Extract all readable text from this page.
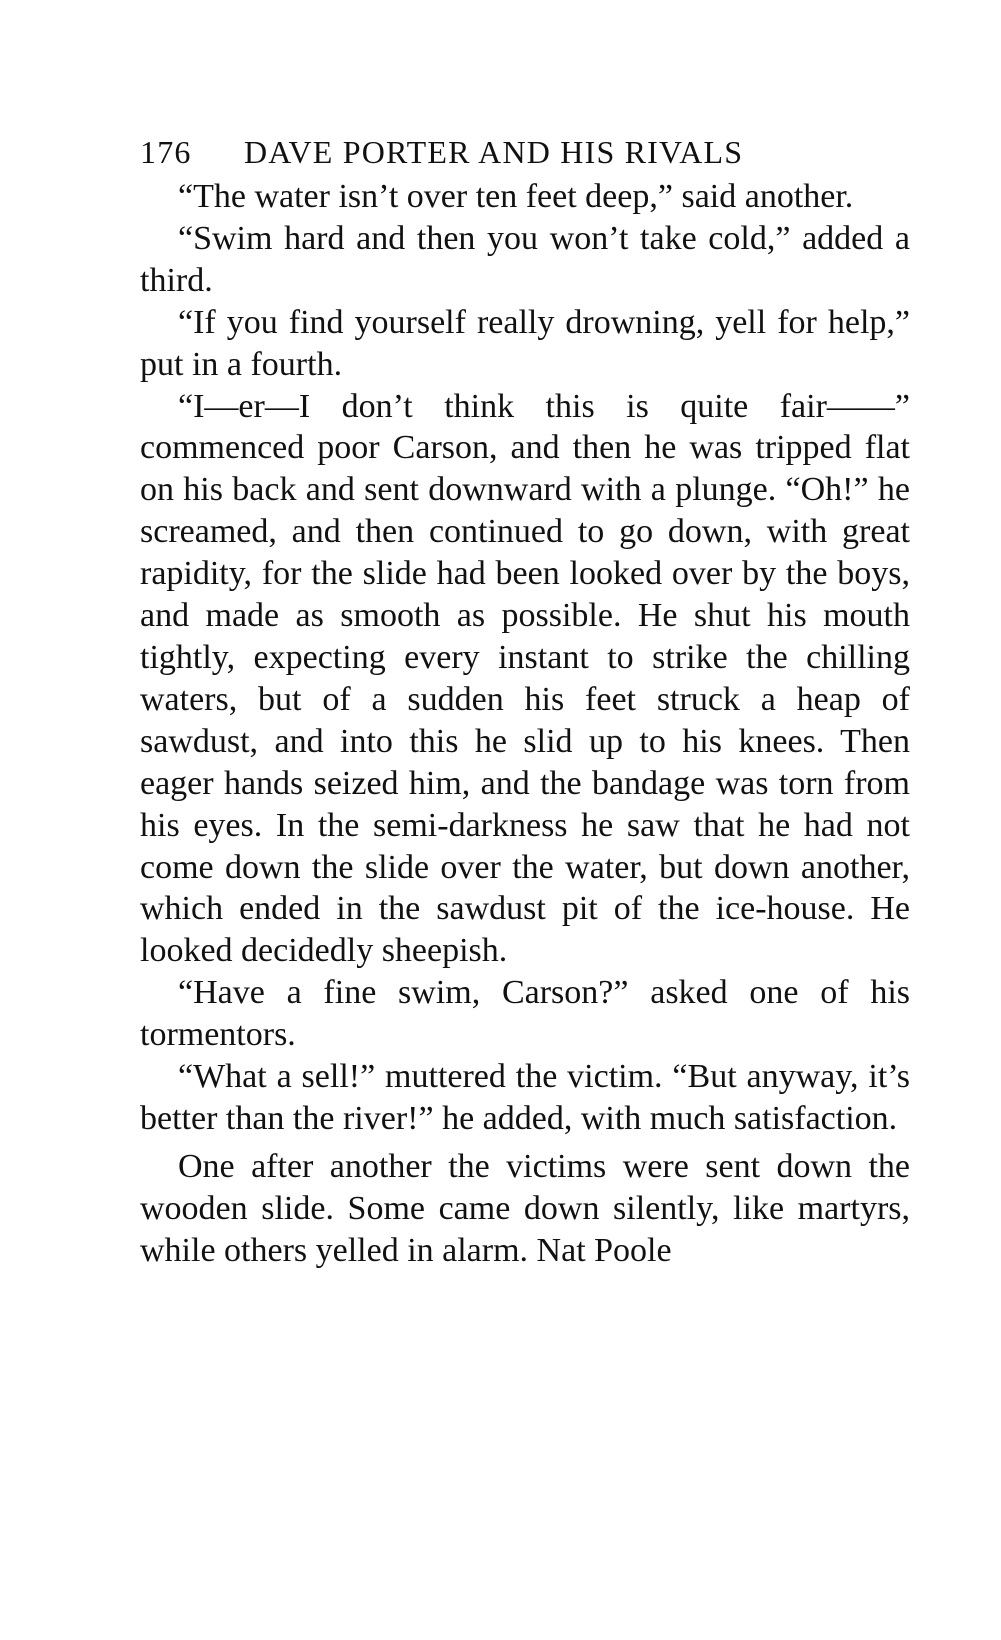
176 DAVE PORTER AND HIS RIVALS

“The water isn’t over ten feet deep,” said another.

“Swim hard and then you won’t take cold,” added a third.

“If you find yourself really drowning, yell for help,” put in a fourth.

“I—er—I don’t think this is quite fair——” commenced poor Carson, and then he was tripped flat on his back and sent downward with a plunge. “Oh!” he screamed, and then continued to go down, with great rapidity, for the slide had been looked over by the boys, and made as smooth as possible. He shut his mouth tightly, expecting every instant to strike the chilling waters, but of a sudden his feet struck a heap of sawdust, and into this he slid up to his knees. Then eager hands seized him, and the bandage was torn from his eyes. In the semi-darkness he saw that he had not come down the slide over the water, but down another, which ended in the sawdust pit of the ice-house. He looked decidedly sheepish.

“Have a fine swim, Carson?” asked one of his tormentors.

“What a sell!” muttered the victim. “But anyway, it’s better than the river!” he added, with much satisfaction.

One after another the victims were sent down the wooden slide. Some came down silently, like martyrs, while others yelled in alarm. Nat Poole
